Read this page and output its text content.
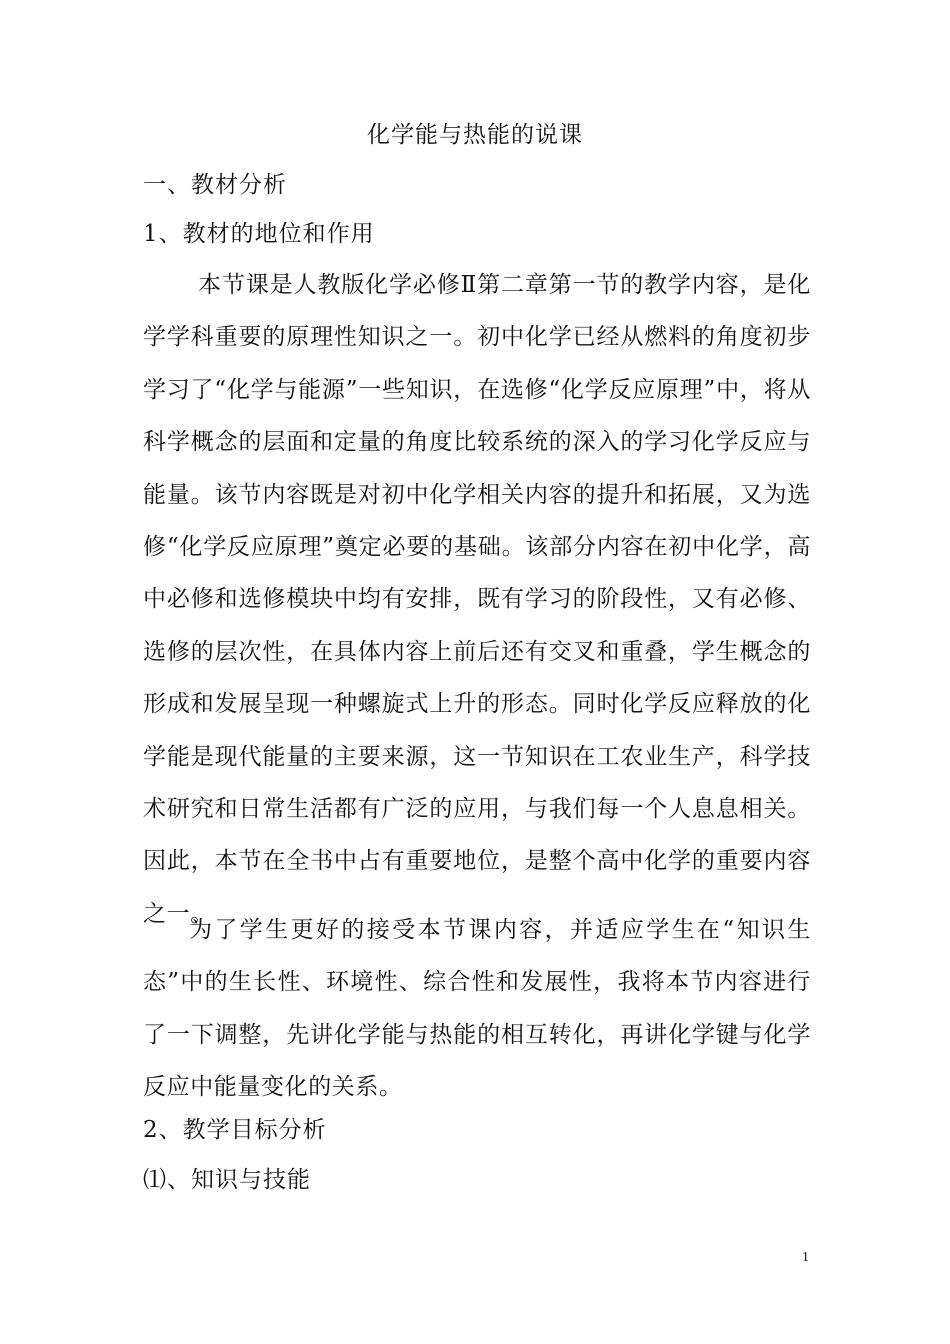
化学能与热能的说课
一、教材分析
1、教材的地位和作用

本节课是人教版化学必修Ⅱ第二章第一节的教学内容，是化学学科重要的原理性知识之一。初中化学已经从燃料的角度初步学习了“化学与能源”一些知识，在选修“化学反应原理”中，将从科学概念的层面和定量的角度比较系统的深入的学习化学反应与能量。该节内容既是对初中化学相关内容的提升和拓展，又为选修“化学反应原理”奠定必要的基础。该部分内容在初中化学，高中必修和选修模块中均有安排，既有学习的阶段性，又有必修、选修的层次性，在具体内容上前后还有交叉和重叠，学生概念的形成和发展呈现一种螺旋式上升的形态。同时化学反应释放的化学能是现代能量的主要来源，这一节知识在工农业生产，科学技术研究和日常生活都有广泛的应用，与我们每一个人息息相关。因此，本节在全书中占有重要地位，是整个高中化学的重要内容之一。

为了学生更好的接受本节课内容，并适应学生在“知识生态”中的生长性、环境性、综合性和发展性，我将本节内容进行了一下调整，先讲化学能与热能的相互转化，再讲化学键与化学反应中能量变化的关系。

2、教学目标分析
⑴、知识与技能
1
